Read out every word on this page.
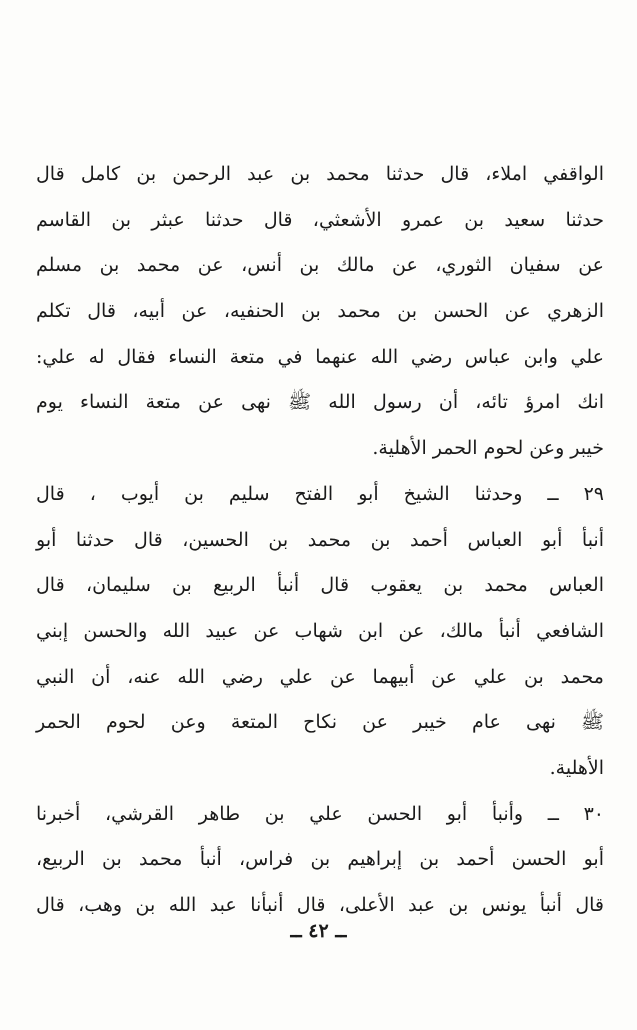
الواقفي املاء، قال حدثنا محمد بن عبد الرحمن بن كامل قال
حدثنا سعيد بن عمرو الأشعثي، قال حدثنا عبثر بن القاسم
عن سفيان الثوري، عن مالك بن أنس، عن محمد بن مسلم
الزهري عن الحسن بن محمد بن الحنفيه، عن أبيه، قال تكلم
علي وابن عباس رضي الله عنهما في متعة النساء فقال له علي:
انك امرؤ تائه، أن رسول الله ﷺ نهى عن متعة النساء يوم
خيبر وعن لحوم الحمر الأهلية.
٢٩ ــ وحدثنا الشيخ أبو الفتح سليم بن أيوب ، قال
أنبأ أبو العباس أحمد بن محمد بن الحسين، قال حدثنا أبو
العباس محمد بن يعقوب قال أنبأ الربيع بن سليمان، قال
الشافعي أنبأ مالك، عن ابن شهاب عن عبيد الله والحسن إبني
محمد بن علي عن أبيهما عن علي رضي الله عنه، أن النبي
ﷺ نهى عام خيبر عن نكاح المتعة وعن لحوم الحمر
الأهلية.
٣٠ ــ وأنبأ أبو الحسن علي بن طاهر القرشي، أخبرنا
أبو الحسن أحمد بن إبراهيم بن فراس، أنبأ محمد بن الربيع،
قال أنبأ يونس بن عبد الأعلى، قال أنبأنا عبد الله بن وهب، قال
ــ ٤٢ ــ
